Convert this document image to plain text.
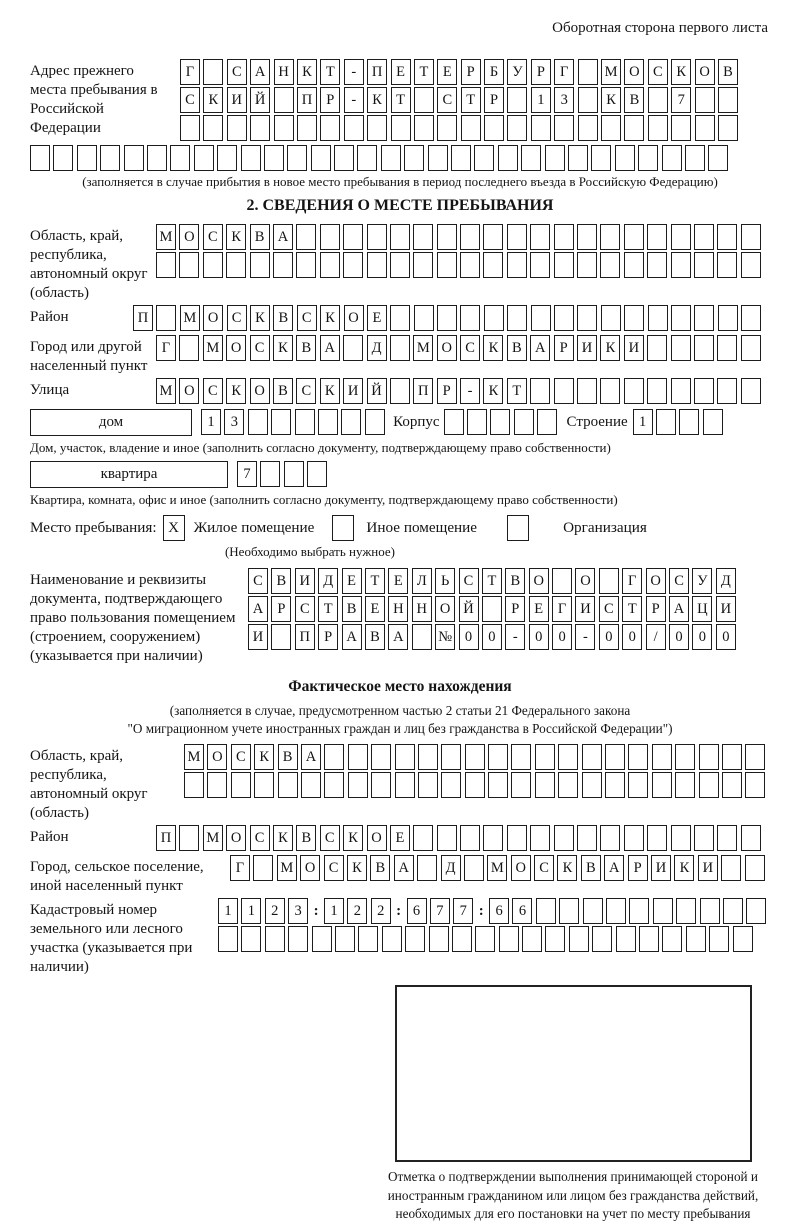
Оборотная сторона первого листа
Адрес прежнего места пребывания в Российской Федерации
Г	С А Н К Т	-	П Е	Т	Е	Р	Б У Р	Г	М О С К О В
С К И Й	П Р	-	К Т	С Т	Р	1	3	К В	7
(заполняется в случае прибытия в новое место пребывания в период последнего въезда в Российскую Федерацию)
2. СВЕДЕНИЯ О МЕСТЕ ПРЕБЫВАНИЯ
Область, край, республика, автономный округ (область)
М О С К В А
Район	П	М О С К В С К О Е
Город или другой населенный пункт
Г	М О С К В А	Д	М О С К В А Р И К И
Улица	М О С К О В С К И Й	П Р	-	К Т
дом	1	3	Корпус	Строение 1
Дом, участок, владение и иное (заполнить согласно документу, подтверждающему право собственности)
квартира	7
Квартира, комната, офис и иное (заполнить согласно документу, подтверждающему право собственности)
Место пребывания: X Жилое помещение	Иное помещение	Организация
(Необходимо выбрать нужное)
Наименование и реквизиты документа, подтверждающего право пользования помещением (строением, сооружением) (указывается при наличии)
С В И Д Е	Т	Е Л Ь С Т В О	О	Г О С У Д
А Р	С Т В Е Н Н О Й	Р	Е	Г И С Т	Р А Ц И
И	П Р А В А	№ 0	0	-	0	0	-	0	0	/	0	0	0
Фактическое место нахождения
(заполняется в случае, предусмотренном частью 2 статьи 21 Федерального закона
"О миграционном учете иностранных граждан и лиц без гражданства в Российской Федерации")
Область, край, республика, автономный округ (область)
М О С К В А
Район	П	М О С К В С К О Е
Город, сельское поселение, иной населенный пункт
Г	М О С К В А	Д	М О С К В А Р И К И
Кадастровый номер земельного или лесного участка (указывается при наличии)
1	1	2	3 : 1	2	2 : 6	7	7 : 6	6
Отметка о подтверждении выполнения принимающей стороной и иностранным гражданином или лицом без гражданства действий, необходимых для его постановки на учет по месту пребывания
